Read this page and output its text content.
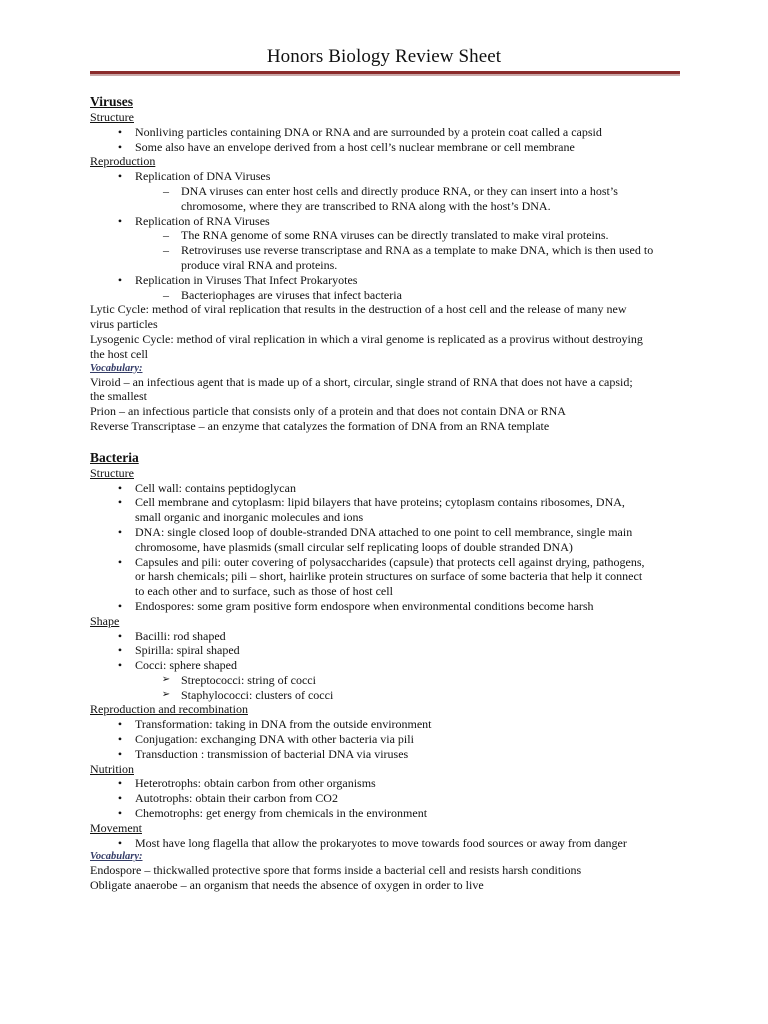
Honors Biology Review Sheet
Viruses
Structure
•	Nonliving particles containing DNA or RNA and are surrounded by a protein coat called a capsid
•	Some also have an envelope derived from a host cell’s nuclear membrane or cell membrane
Reproduction
•	Replication of DNA Viruses
–	DNA viruses can enter host cells and directly produce RNA, or they can insert into a host’s
chromosome, where they are transcribed to RNA along with the host’s DNA.
•	Replication of RNA Viruses
–	The RNA genome of some RNA viruses can be directly translated to make viral proteins.
–	Retroviruses use reverse transcriptase and RNA as a template to make DNA, which is then used to
produce viral RNA and proteins.
•	Replication in Viruses That Infect Prokaryotes
–	Bacteriophages are viruses that infect bacteria
Lytic Cycle: method of viral replication that results in the destruction of a host cell and the release of many new
virus particles
Lysogenic Cycle: method of viral replication in which a viral genome is replicated as a provirus without destroying
the host cell
Vocabulary:
Viroid – an infectious agent that is made up of a short, circular, single strand of RNA that does not have a capsid;
the smallest
Prion – an infectious particle that consists only of a protein and that does not contain DNA or RNA
Reverse Transcriptase – an enzyme that catalyzes the formation of DNA from an RNA template
Bacteria
Structure
•	Cell wall: contains peptidoglycan
•	Cell membrane and cytoplasm: lipid bilayers that have proteins; cytoplasm contains ribosomes, DNA,
small organic and inorganic molecules and ions
•	DNA: single closed loop of double-stranded DNA attached to one point to cell membrance, single main
chromosome, have plasmids (small circular self replicating loops of double stranded DNA)
•	Capsules and pili: outer covering of polysaccharides (capsule) that protects cell against drying, pathogens,
or harsh chemicals; pili – short, hairlike protein structures on surface of some bacteria that help it connect
to each other and to surface, such as those of host cell
•	Endospores: some gram positive form endospore when environmental conditions become harsh
Shape
•	Bacilli: rod shaped
•	Spirilla: spiral shaped
•	Cocci: sphere shaped
➢ Streptococci: string of cocci
➢ Staphylococci: clusters of cocci
Reproduction and recombination
•	Transformation: taking in DNA from the outside environment
•	Conjugation: exchanging DNA with other bacteria via pili
•	Transduction : transmission of bacterial DNA via viruses
Nutrition
•	Heterotrophs: obtain carbon from other organisms
•	Autotrophs: obtain their carbon from CO2
•	Chemotrophs: get energy from chemicals in the environment
Movement
•	Most have long flagella that allow the prokaryotes to move towards food sources or away from danger
Vocabulary:
Endospore – thickwalled protective spore that forms inside a bacterial cell and resists harsh conditions
Obligate anaerobe – an organism that needs the absence of oxygen in order to live
